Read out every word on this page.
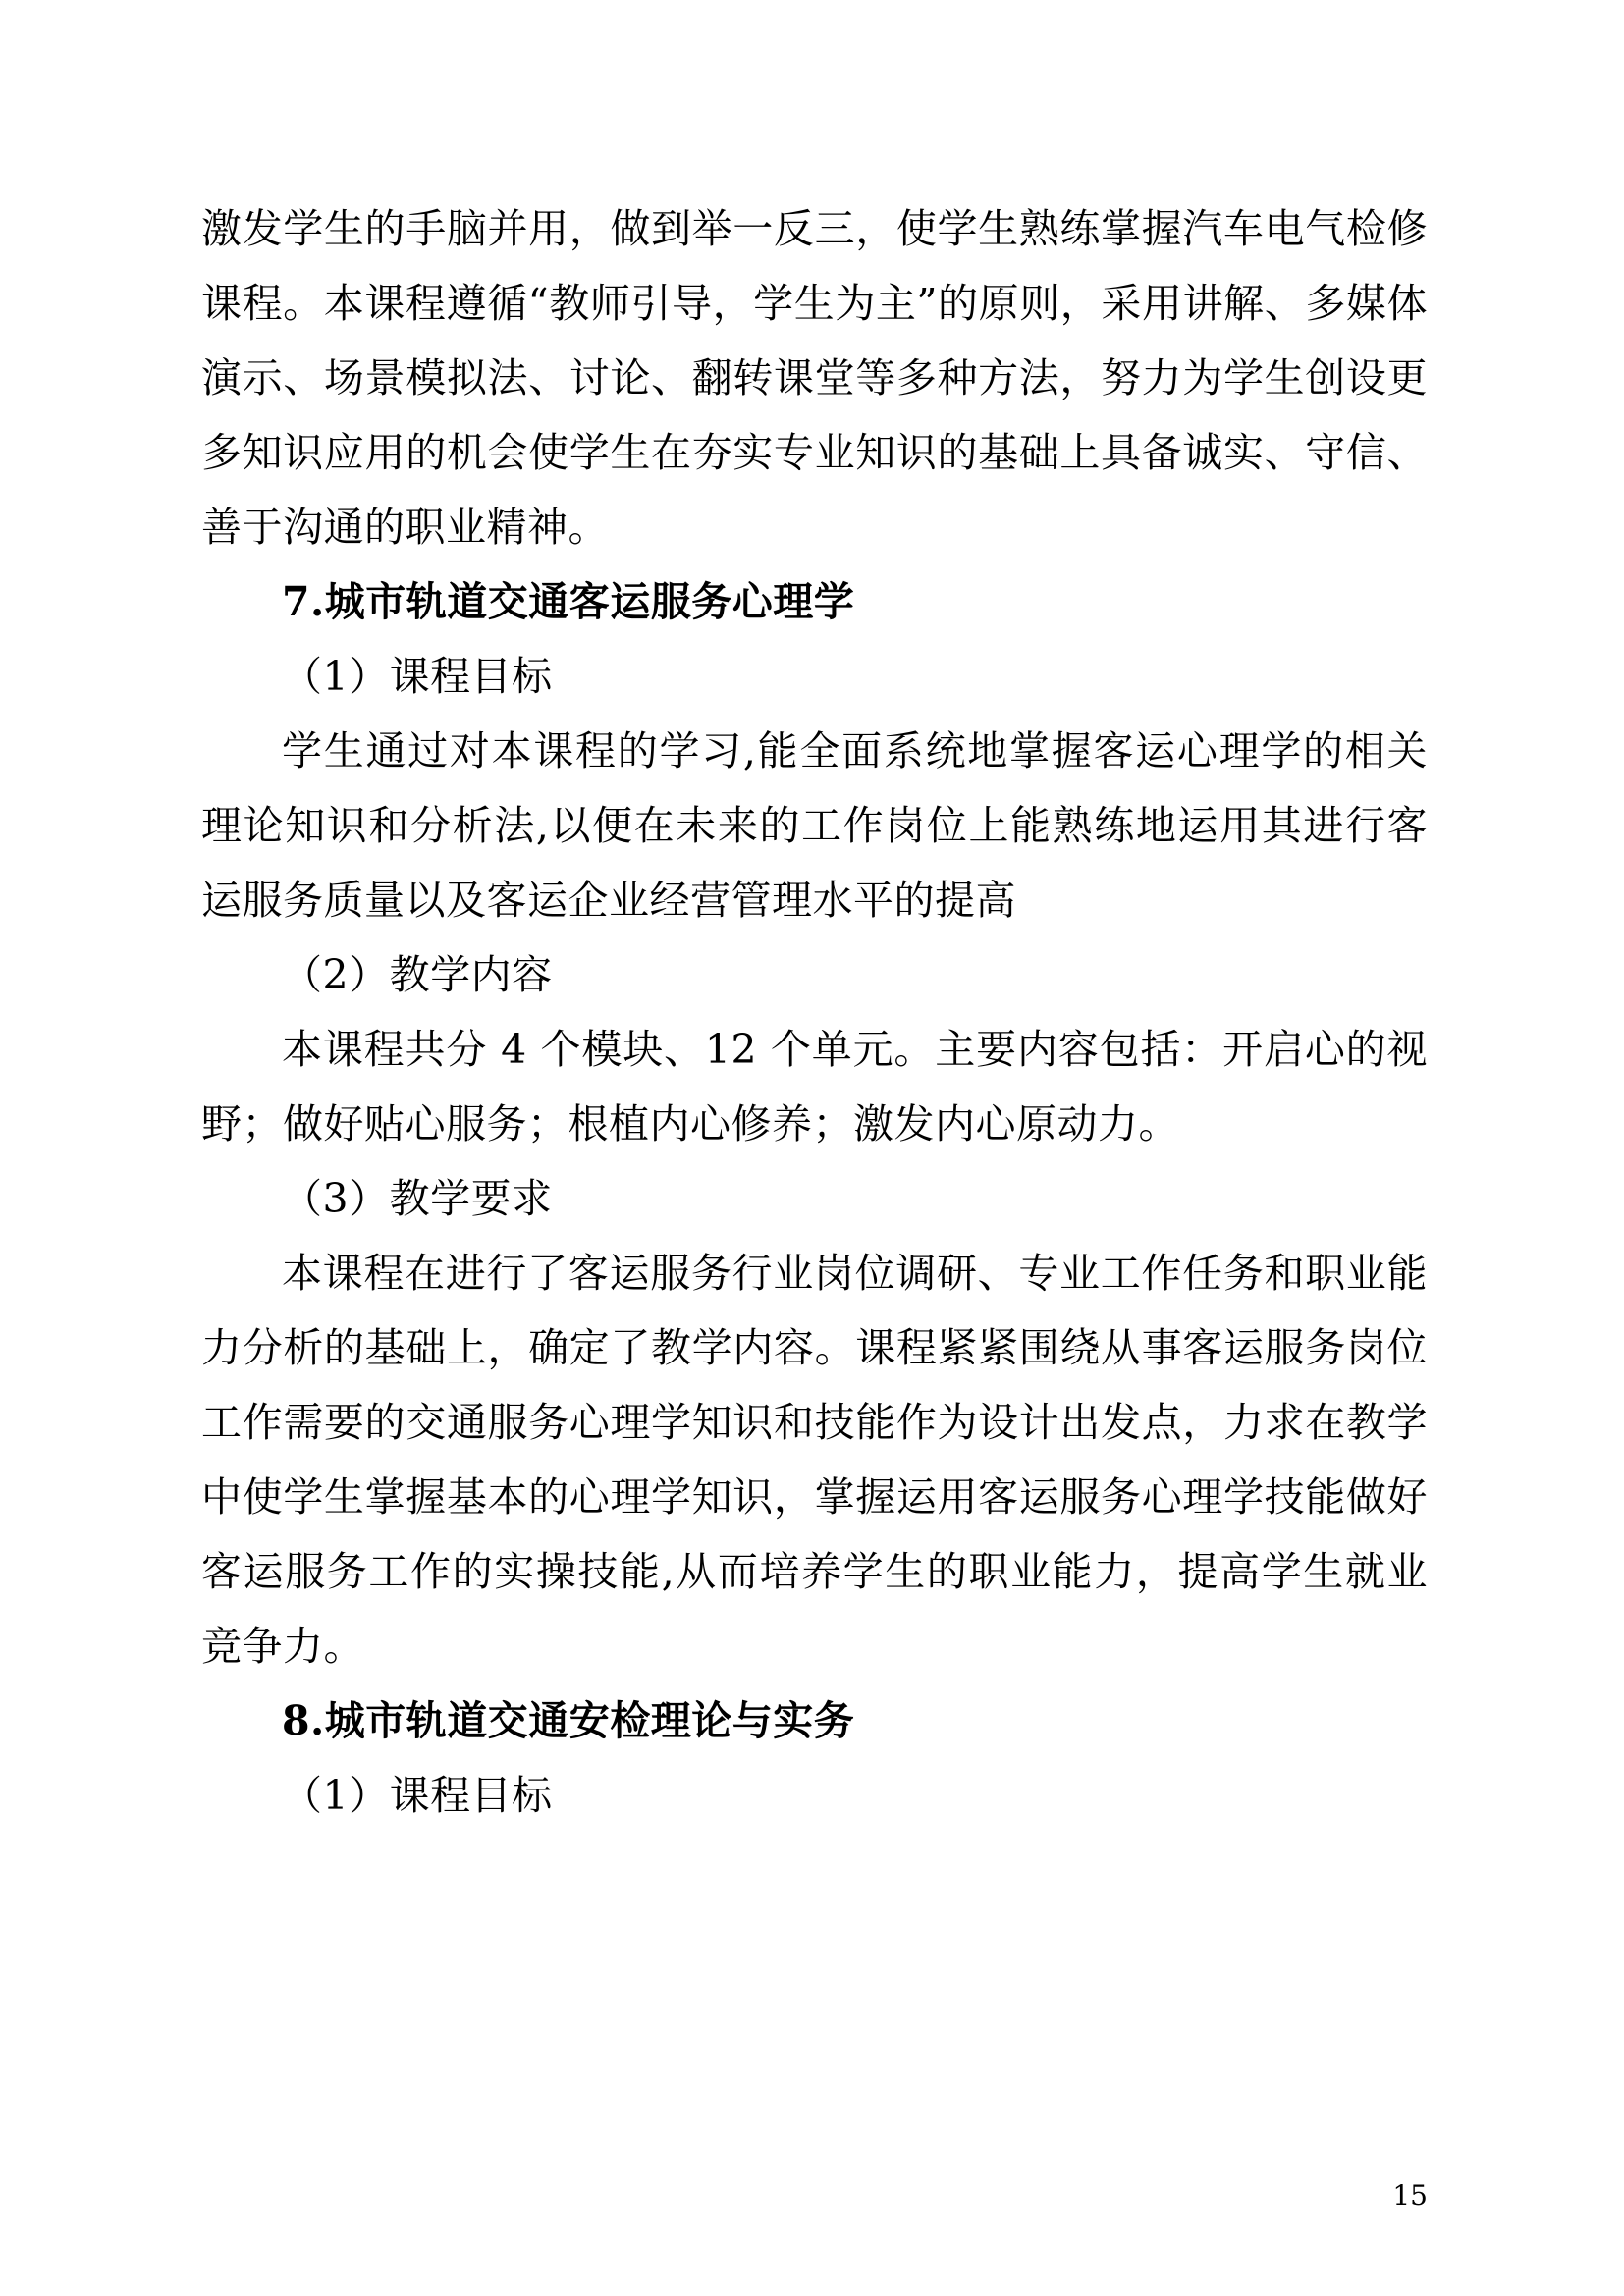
激发学生的手脑并用，做到举一反三，使学生熟练掌握汽车电气检修课程。本课程遵循“教师引导，学生为主”的原则，采用讲解、多媒体演示、场景模拟法、讨论、翻转课堂等多种方法，努力为学生创设更多知识应用的机会使学生在夯实专业知识的基础上具备诚实、守信、善于沟通的职业精神。

7.城市轨道交通客运服务心理学

（1）课程目标

学生通过对本课程的学习,能全面系统地掌握客运心理学的相关理论知识和分析法,以便在未来的工作岗位上能熟练地运用其进行客运服务质量以及客运企业经营管理水平的提高

（2）教学内容

本课程共分 4 个模块、12 个单元。主要内容包括：开启心的视野；做好贴心服务；根植内心修养；激发内心原动力。

（3）教学要求

本课程在进行了客运服务行业岗位调研、专业工作任务和职业能力分析的基础上，确定了教学内容。课程紧紧围绕从事客运服务岗位工作需要的交通服务心理学知识和技能作为设计出发点，力求在教学中使学生掌握基本的心理学知识，掌握运用客运服务心理学技能做好客运服务工作的实操技能,从而培养学生的职业能力，提高学生就业竞争力。

8.城市轨道交通安检理论与实务

（1）课程目标

15
